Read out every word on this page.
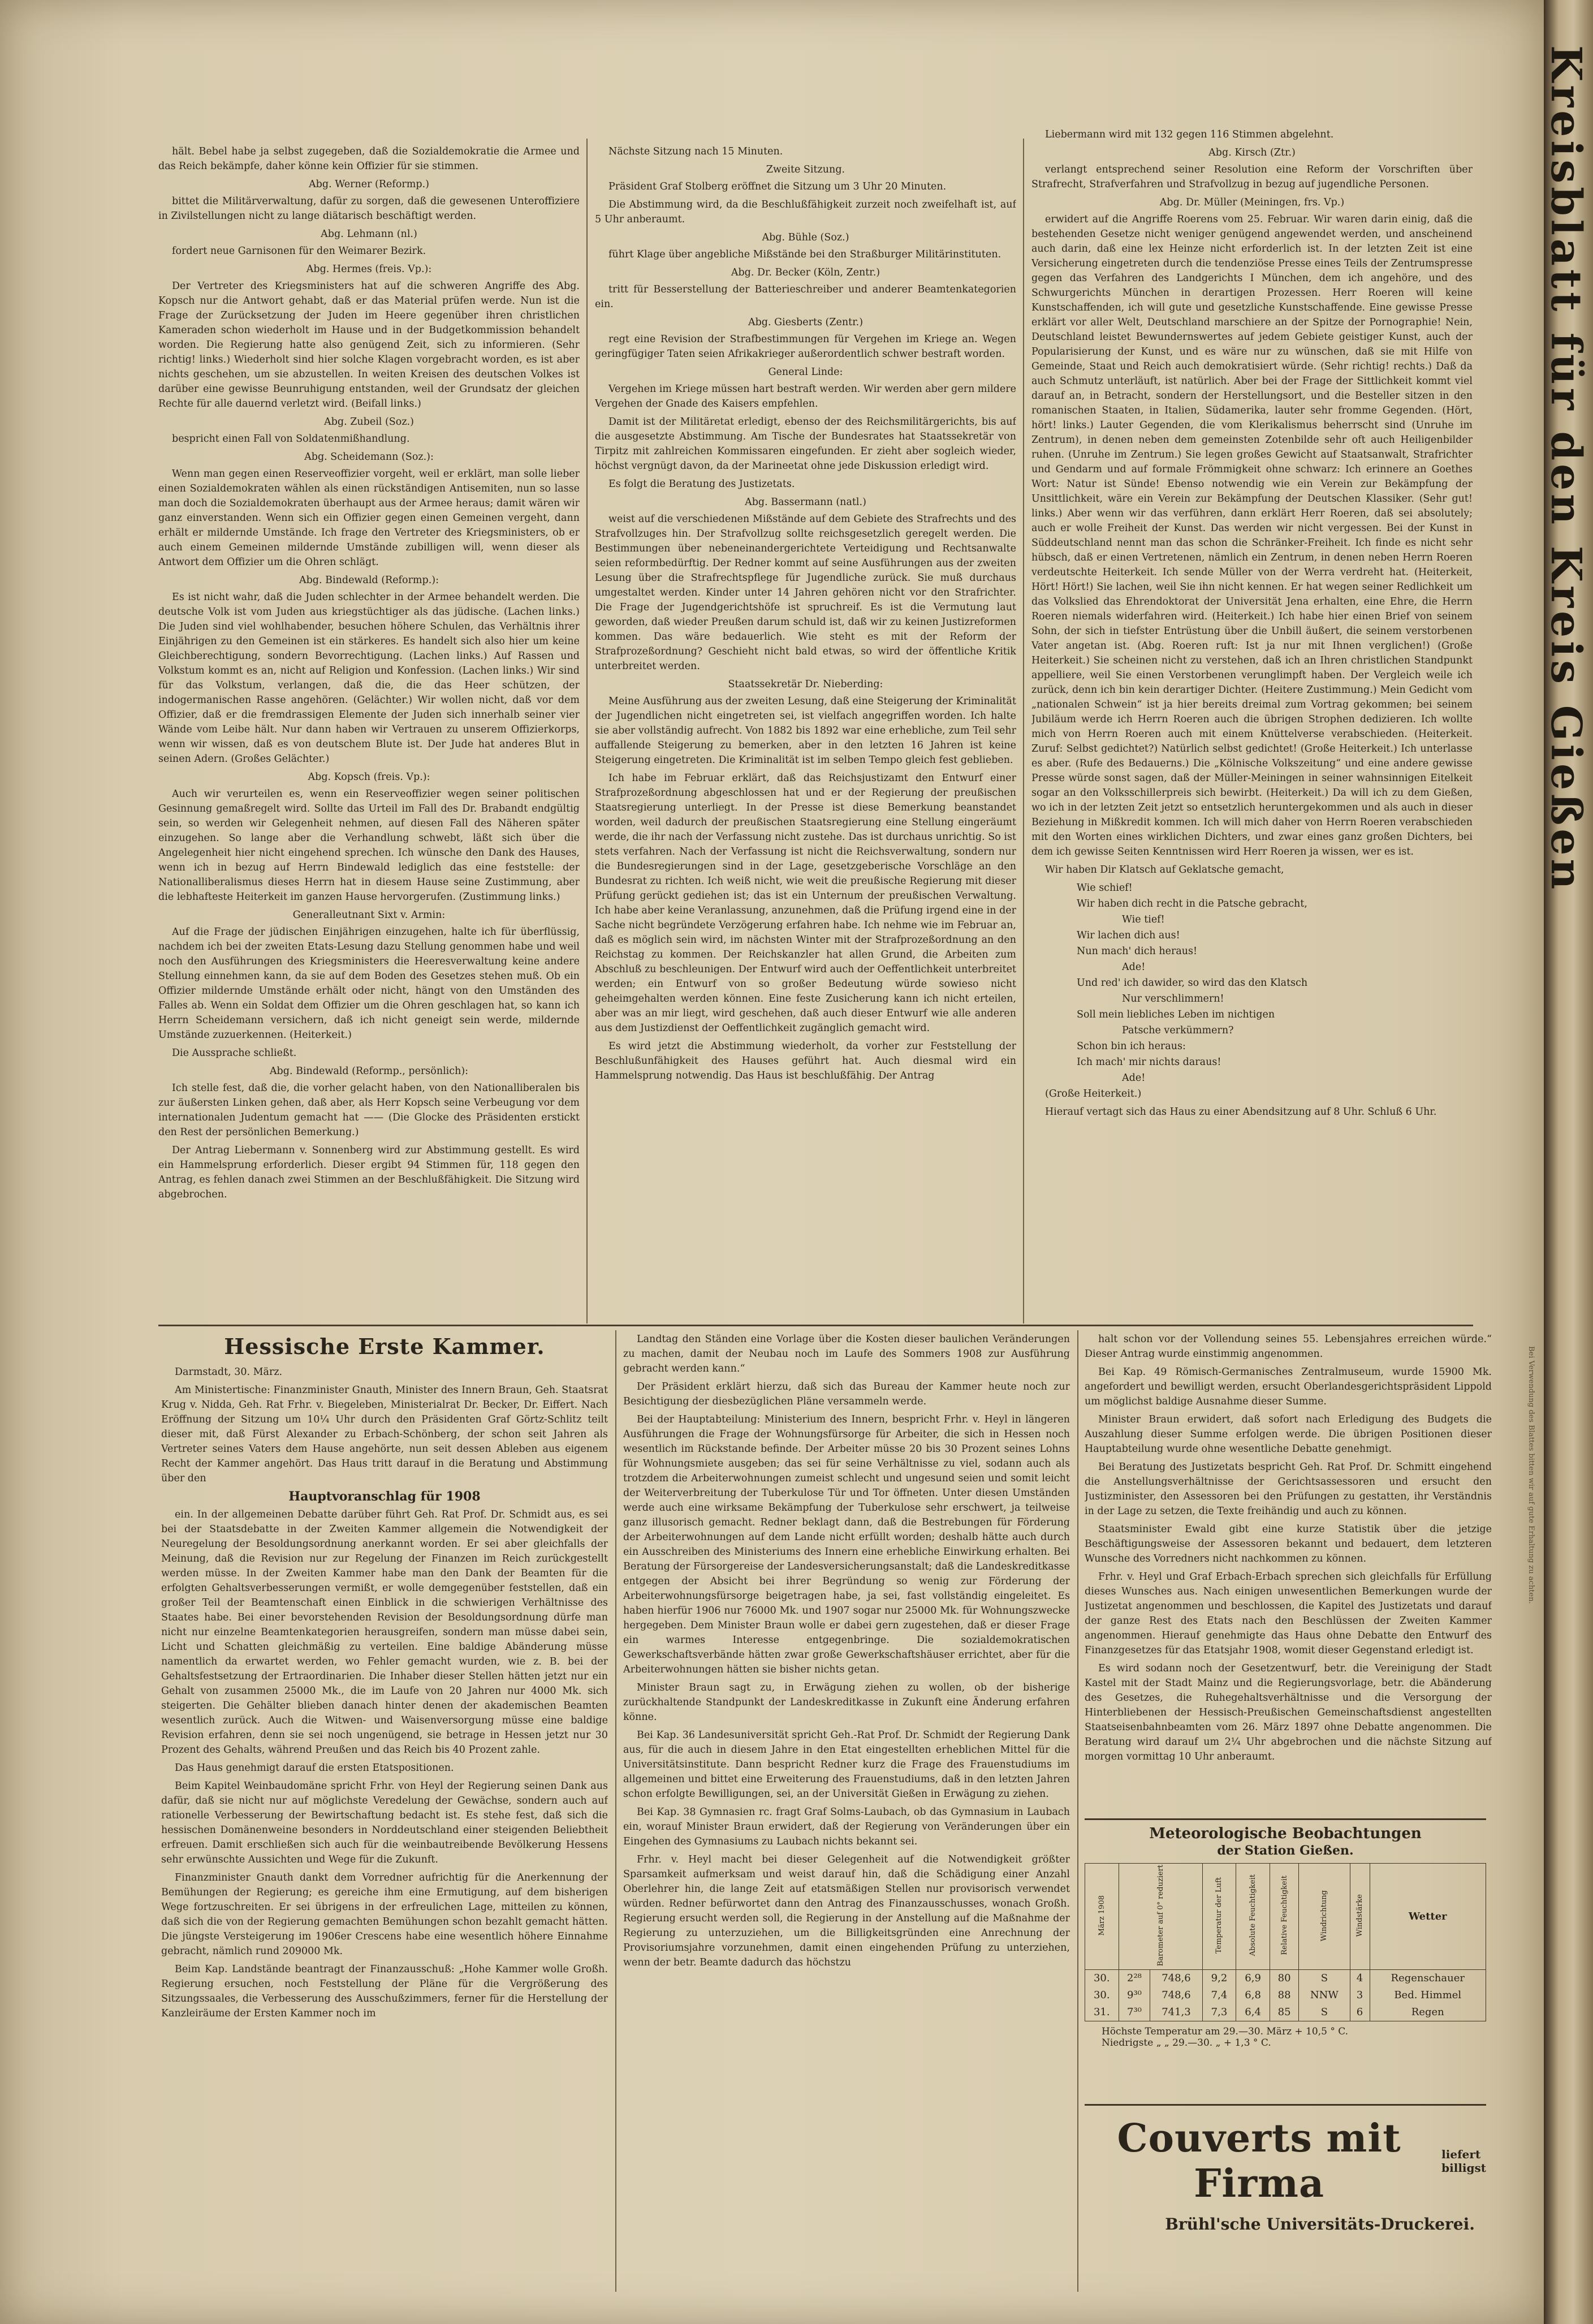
hält. Bebel habe ja selbst zugegeben, daß die Sozialdemokratie die Armee und das Reich bekämpfe, daher könne kein Offizier für sie stimmen.

Abg. Werner (Reformp.)

bittet die Militärverwaltung, dafür zu sorgen, daß die gewesenen Unteroffiziere in Zivilstellungen nicht zu lange diätarisch beschäftigt werden.

Abg. Lehmann (nl.)

fordert neue Garnisonen für den Weimarer Bezirk.

Abg. Hermes (freis. Vp.):

Der Vertreter des Kriegsministers hat auf die schweren Angriffe des Abg. Kopsch nur die Antwort gehabt, daß er das Material prüfen werde. Nun ist die Frage der Zurücksetzung der Juden im Heere gegenüber ihren christlichen Kameraden schon wiederholt im Hause und in der Budgetkommission behandelt worden. Die Regierung hatte also genügend Zeit, sich zu informieren. (Sehr richtig! links.) Wiederholt sind hier solche Klagen vorgebracht worden, es ist aber nichts geschehen, um sie abzustellen. In weiten Kreisen des deutschen Volkes ist darüber eine gewisse Beunruhigung entstanden, weil der Grundsatz der gleichen Rechte für alle dauernd verletzt wird. (Beifall links.)

Abg. Zubeil (Soz.)

bespricht einen Fall von Soldatenmißhandlung.

Abg. Scheidemann (Soz.):

Wenn man gegen einen Reserveoffizier vorgeht, weil er erklärt, man solle lieber einen Sozialdemokraten wählen als einen rückständigen Antisemiten, nun so lasse man doch die Sozialdemokraten überhaupt aus der Armee heraus; damit wären wir ganz einverstanden. Wenn sich ein Offizier gegen einen Gemeinen vergeht, dann erhält er mildernde Umstände. Ich frage den Vertreter des Kriegsministers, ob er auch einem Gemeinen mildernde Umstände zubilligen will, wenn dieser als Antwort dem Offizier um die Ohren schlägt.

Abg. Bindewald (Reformp.):

Es ist nicht wahr, daß die Juden schlechter in der Armee behandelt werden. Die deutsche Volk ist vom Juden aus kriegstüchtiger als das jüdische. (Lachen links.) Die Juden sind viel wohlhabender, besuchen höhere Schulen, das Verhältnis ihrer Einjährigen zu den Gemeinen ist ein stärkeres. Es handelt sich also hier um keine Gleichberechtigung, sondern Bevorrechtigung. (Lachen links.) Auf Rassen und Volkstum kommt es an, nicht auf Religion und Konfession. (Lachen links.) Wir sind für das Volkstum, verlangen, daß die, die das Heer schützen, der indogermanischen Rasse angehören. (Gelächter.) Wir wollen nicht, daß vor dem Offizier, daß er die fremdrassigen Elemente der Juden sich innerhalb seiner vier Wände vom Leibe hält. Nur dann haben wir Vertrauen zu unserem Offizierkorps, wenn wir wissen, daß es von deutschem Blute ist. Der Jude hat anderes Blut in seinen Adern. (Großes Gelächter.)

Abg. Kopsch (freis. Vp.):

Auch wir verurteilen es, wenn ein Reserveoffizier wegen seiner politischen Gesinnung gemaßregelt wird. Sollte das Urteil im Fall des Dr. Brabandt endgültig sein, so werden wir Gelegenheit nehmen, auf diesen Fall des Näheren später einzugehen. So lange aber die Verhandlung schwebt, läßt sich über die Angelegenheit hier nicht eingehend sprechen. Ich wünsche den Dank des Hauses, wenn ich in bezug auf Herrn Bindewald lediglich das eine feststelle: der Nationalliberalismus dieses Herrn hat in diesem Hause seine Zustimmung, aber die lebhafteste Heiterkeit im ganzen Hause hervorgerufen. (Zustimmung links.)

Generalleutnant Sixt v. Armin:

Auf die Frage der jüdischen Einjährigen einzugehen, halte ich für überflüssig, nachdem ich bei der zweiten Etats-Lesung dazu Stellung genommen habe und weil noch den Ausführungen des Kriegsministers die Heeresverwaltung keine andere Stellung einnehmen kann, da sie auf dem Boden des Gesetzes stehen muß. Ob ein Offizier mildernde Umstände erhält oder nicht, hängt von den Umständen des Falles ab. Wenn ein Soldat dem Offizier um die Ohren geschlagen hat, so kann ich Herrn Scheidemann versichern, daß ich nicht geneigt sein werde, mildernde Umstände zuzuerkennen. (Heiterkeit.)

Die Aussprache schließt.

Abg. Bindewald (Reformp., persönlich):

Ich stelle fest, daß die, die vorher gelacht haben, von den Nationalliberalen bis zur äußersten Linken gehen, daß aber, als Herr Kopsch seine Verbeugung vor dem internationalen Judentum gemacht hat —— (Die Glocke des Präsidenten erstickt den Rest der persönlichen Bemerkung.)

Der Antrag Liebermann v. Sonnenberg wird zur Abstimmung gestellt. Es wird ein Hammelsprung erforderlich. Dieser ergibt 94 Stimmen für, 118 gegen den Antrag, es fehlen danach zwei Stimmen an der Beschlußfähigkeit. Die Sitzung wird abgebrochen.

Nächste Sitzung nach 15 Minuten.

Zweite Sitzung.

Präsident Graf Stolberg eröffnet die Sitzung um 3 Uhr 20 Minuten.

Die Abstimmung wird, da die Beschlußfähigkeit zurzeit noch zweifelhaft ist, auf 5 Uhr anberaumt.

Abg. Bühle (Soz.)

führt Klage über angebliche Mißstände bei den Straßburger Militärinstituten.

Abg. Dr. Becker (Köln, Zentr.)

tritt für Besserstellung der Batterieschreiber und anderer Beamtenkategorien ein.

Abg. Giesberts (Zentr.)

regt eine Revision der Strafbestimmungen für Vergehen im Kriege an. Wegen geringfügiger Taten seien Afrikakrieger außerordentlich schwer bestraft worden.

General Linde:

Vergehen im Kriege müssen hart bestraft werden. Wir werden aber gern mildere Vergehen der Gnade des Kaisers empfehlen.

Damit ist der Militäretat erledigt, ebenso der des Reichsmilitärgerichts, bis auf die ausgesetzte Abstimmung. Am Tische der Bundesrates hat Staatssekretär von Tirpitz mit zahlreichen Kommissaren eingefunden. Er zieht aber sogleich wieder, höchst vergnügt davon, da der Marineetat ohne jede Diskussion erledigt wird.

Es folgt die Beratung des Justizetats.

Abg. Bassermann (natl.)

weist auf die verschiedenen Mißstände auf dem Gebiete des Strafrechts und des Strafvollzuges hin. Der Strafvollzug sollte reichsgesetzlich geregelt werden. Die Bestimmungen über nebeneinandergerichtete Verteidigung und Rechtsanwalte seien reformbedürftig. Der Redner kommt auf seine Ausführungen aus der zweiten Lesung über die Strafrechtspflege für Jugendliche zurück. Sie muß durchaus umgestaltet werden. Kinder unter 14 Jahren gehören nicht vor den Strafrichter. Die Frage der Jugendgerichtshöfe ist spruchreif. Es ist die Vermutung laut geworden, daß wieder Preußen darum schuld ist, daß wir zu keinen Justizreformen kommen. Das wäre bedauerlich. Wie steht es mit der Reform der Strafprozeßordnung? Geschieht nicht bald etwas, so wird der öffentliche Kritik unterbreitet werden.

Staatssekretär Dr. Nieberding:

Meine Ausführung aus der zweiten Lesung, daß eine Steigerung der Kriminalität der Jugendlichen nicht eingetreten sei, ist vielfach angegriffen worden. Ich halte sie aber vollständig aufrecht. Von 1882 bis 1892 war eine erhebliche, zum Teil sehr auffallende Steigerung zu bemerken, aber in den letzten 16 Jahren ist keine Steigerung eingetreten. Die Kriminalität ist im selben Tempo gleich fest geblieben.

Ich habe im Februar erklärt, daß das Reichsjustizamt den Entwurf einer Strafprozeßordnung abgeschlossen hat und er der Regierung der preußischen Staatsregierung unterliegt. In der Presse ist diese Bemerkung beanstandet worden, weil dadurch der preußischen Staatsregierung eine Stellung eingeräumt werde, die ihr nach der Verfassung nicht zustehe. Das ist durchaus unrichtig. So ist stets verfahren. Nach der Verfassung ist nicht die Reichsverwaltung, sondern nur die Bundesregierungen sind in der Lage, gesetzgeberische Vorschläge an den Bundesrat zu richten. Ich weiß nicht, wie weit die preußische Regierung mit dieser Prüfung gerückt gediehen ist; das ist ein Unternum der preußischen Verwaltung. Ich habe aber keine Veranlassung, anzunehmen, daß die Prüfung irgend eine in der Sache nicht begründete Verzögerung erfahren habe. Ich nehme wie im Februar an, daß es möglich sein wird, im nächsten Winter mit der Strafprozeßordnung an den Reichstag zu kommen. Der Reichskanzler hat allen Grund, die Arbeiten zum Abschluß zu beschleunigen. Der Entwurf wird auch der Oeffentlichkeit unterbreitet werden; ein Entwurf von so großer Bedeutung würde sowieso nicht geheimgehalten werden können. Eine feste Zusicherung kann ich nicht erteilen, aber was an mir liegt, wird geschehen, daß auch dieser Entwurf wie alle anderen aus dem Justizdienst der Oeffentlichkeit zugänglich gemacht wird.

Es wird jetzt die Abstimmung wiederholt, da vorher zur Feststellung der Beschlußunfähigkeit des Hauses geführt hat. Auch diesmal wird ein Hammelsprung notwendig. Das Haus ist beschlußfähig. Der Antrag

Liebermann wird mit 132 gegen 116 Stimmen abgelehnt.

Abg. Kirsch (Ztr.)

verlangt entsprechend seiner Resolution eine Reform der Vorschriften über Strafrecht, Strafverfahren und Strafvollzug in bezug auf jugendliche Personen.

Abg. Dr. Müller (Meiningen, frs. Vp.)

erwidert auf die Angriffe Roerens vom 25. Februar. Wir waren darin einig, daß die bestehenden Gesetze nicht weniger genügend angewendet werden, und anscheinend auch darin, daß eine lex Heinze nicht erforderlich ist. In der letzten Zeit ist eine Versicherung eingetreten durch die tendenziöse Presse eines Teils der Zentrumspresse gegen das Verfahren des Landgerichts I München, dem ich angehöre, und des Schwurgerichts München in derartigen Prozessen. Herr Roeren will keine Kunstschaffenden, ich will gute und gesetzliche Kunstschaffende. Eine gewisse Presse erklärt vor aller Welt, Deutschland marschiere an der Spitze der Pornographie! Nein, Deutschland leistet Bewundernswertes auf jedem Gebiete geistiger Kunst, auch der Popularisierung der Kunst, und es wäre nur zu wünschen, daß sie mit Hilfe von Gemeinde, Staat und Reich auch demokratisiert würde. (Sehr richtig! rechts.) Daß da auch Schmutz unterläuft, ist natürlich. Aber bei der Frage der Sittlichkeit kommt viel darauf an, in Betracht, sondern der Herstellungsort, und die Besteller sitzen in den romanischen Staaten, in Italien, Südamerika, lauter sehr fromme Gegenden. (Hört, hört! links.) Lauter Gegenden, die vom Klerikalismus beherrscht sind (Unruhe im Zentrum), in denen neben dem gemeinsten Zotenbilde sehr oft auch Heiligenbilder ruhen. (Unruhe im Zentrum.) Sie legen großes Gewicht auf Staatsanwalt, Strafrichter und Gendarm und auf formale Frömmigkeit ohne schwarz: Ich erinnere an Goethes Wort: Natur ist Sünde! Ebenso notwendig wie ein Verein zur Bekämpfung der Unsittlichkeit, wäre ein Verein zur Bekämpfung der Deutschen Klassiker. (Sehr gut! links.) Aber wenn wir das verführen, dann erklärt Herr Roeren, daß sei absolutely; auch er wolle Freiheit der Kunst. Das werden wir nicht vergessen. Bei der Kunst in Süddeutschland nennt man das schon die Schränker-Freiheit. Ich finde es nicht sehr hübsch, daß er einen Vertretenen, nämlich ein Zentrum, in denen neben Herrn Roeren verdeutschte Heiterkeit. Ich sende Müller von der Werra verdreht hat. (Heiterkeit, Hört! Hört!) Sie lachen, weil Sie ihn nicht kennen. Er hat wegen seiner Redlichkeit um das Volkslied das Ehrendoktorat der Universität Jena erhalten, eine Ehre, die Herrn Roeren niemals widerfahren wird. (Heiterkeit.) Ich habe hier einen Brief von seinem Sohn, der sich in tiefster Entrüstung über die Unbill äußert, die seinem verstorbenen Vater angetan ist. (Abg. Roeren ruft: Ist ja nur mit Ihnen verglichen!) (Große Heiterkeit.) Sie scheinen nicht zu verstehen, daß ich an Ihren christlichen Standpunkt appelliere, weil Sie einen Verstorbenen verunglimpft haben. Der Vergleich weile ich zurück, denn ich bin kein derartiger Dichter. (Heitere Zustimmung.) Mein Gedicht vom „nationalen Schwein“ ist ja hier bereits dreimal zum Vortrag gekommen; bei seinem Jubiläum werde ich Herrn Roeren auch die übrigen Strophen dedizieren. Ich wollte mich von Herrn Roeren auch mit einem Knüttelverse verabschieden. (Heiterkeit. Zuruf: Selbst gedichtet?) Natürlich selbst gedichtet! (Große Heiterkeit.) Ich unterlasse es aber. (Rufe des Bedauerns.) Die „Kölnische Volkszeitung“ und eine andere gewisse Presse würde sonst sagen, daß der Müller-Meiningen in seiner wahnsinnigen Eitelkeit sogar an den Volksschillerpreis sich bewirbt. (Heiterkeit.) Da will ich zu dem Gießen, wo ich in der letzten Zeit jetzt so entsetzlich heruntergekommen und als auch in dieser Beziehung in Mißkredit kommen. Ich will mich daher von Herrn Roeren verabschieden mit den Worten eines wirklichen Dichters, und zwar eines ganz großen Dichters, bei dem ich gewisse Seiten Kenntnissen wird Herr Roeren ja wissen, wer es ist.

Wir haben Dir Klatsch auf Geklatsche gemacht,

Wie schief!

Wir haben dich recht in die Patsche gebracht,

Wie tief!

Wir lachen dich aus!

Nun mach' dich heraus!

Ade!

Und red' ich dawider, so wird das den Klatsch

Nur verschlimmern!

Soll mein liebliches Leben im nichtigen

Patsche verkümmern?

Schon bin ich heraus:

Ich mach' mir nichts daraus!

Ade!

(Große Heiterkeit.)

Hierauf vertagt sich das Haus zu einer Abendsitzung auf 8 Uhr. Schluß 6 Uhr.

Hessische Erste Kammer.

Darmstadt, 30. März.

Am Ministertische: Finanzminister Gnauth, Minister des Innern Braun, Geh. Staatsrat Krug v. Nidda, Geh. Rat Frhr. v. Biegeleben, Ministerialrat Dr. Becker, Dr. Eiffert. Nach Eröffnung der Sitzung um 10¼ Uhr durch den Präsidenten Graf Görtz-Schlitz teilt dieser mit, daß Fürst Alexander zu Erbach-Schönberg, der schon seit Jahren als Vertreter seines Vaters dem Hause angehörte, nun seit dessen Ableben aus eigenem Recht der Kammer angehört. Das Haus tritt darauf in die Beratung und Abstimmung über den

Hauptvoranschlag für 1908

ein. In der allgemeinen Debatte darüber führt Geh. Rat Prof. Dr. Schmidt aus, es sei bei der Staatsdebatte in der Zweiten Kammer allgemein die Notwendigkeit der Neuregelung der Besoldungsordnung anerkannt worden. Er sei aber gleichfalls der Meinung, daß die Revision nur zur Regelung der Finanzen im Reich zurückgestellt werden müsse. In der Zweiten Kammer habe man den Dank der Beamten für die erfolgten Gehaltsverbesserungen vermißt, er wolle demgegenüber feststellen, daß ein großer Teil der Beamtenschaft einen Einblick in die schwierigen Verhältnisse des Staates habe. Bei einer bevorstehenden Revision der Besoldungsordnung dürfe man nicht nur einzelne Beamtenkategorien herausgreifen, sondern man müsse dabei sein, Licht und Schatten gleichmäßig zu verteilen. Eine baldige Abänderung müsse namentlich da erwartet werden, wo Fehler gemacht wurden, wie z. B. bei der Gehaltsfestsetzung der Ertraordinarien. Die Inhaber dieser Stellen hätten jetzt nur ein Gehalt von zusammen 25000 Mk., die im Laufe von 20 Jahren nur 4000 Mk. sich steigerten. Die Gehälter blieben danach hinter denen der akademischen Beamten wesentlich zurück. Auch die Witwen- und Waisenversorgung müsse eine baldige Revision erfahren, denn sie sei noch ungenügend, sie betrage in Hessen jetzt nur 30 Prozent des Gehalts, während Preußen und das Reich bis 40 Prozent zahle.

Das Haus genehmigt darauf die ersten Etatspositionen.

Beim Kapitel Weinbaudomäne spricht Frhr. von Heyl der Regierung seinen Dank aus dafür, daß sie nicht nur auf möglichste Veredelung der Gewächse, sondern auch auf rationelle Verbesserung der Bewirtschaftung bedacht ist. Es stehe fest, daß sich die hessischen Domänenweine besonders in Norddeutschland einer steigenden Beliebtheit erfreuen. Damit erschließen sich auch für die weinbautreibende Bevölkerung Hessens sehr erwünschte Aussichten und Wege für die Zukunft.

Finanzminister Gnauth dankt dem Vorredner aufrichtig für die Anerkennung der Bemühungen der Regierung; es gereiche ihm eine Ermutigung, auf dem bisherigen Wege fortzuschreiten. Er sei übrigens in der erfreulichen Lage, mitteilen zu können, daß sich die von der Regierung gemachten Bemühungen schon bezahlt gemacht hätten. Die jüngste Versteigerung im 1906er Crescens habe eine wesentlich höhere Einnahme gebracht, nämlich rund 209000 Mk.

Beim Kap. Landstände beantragt der Finanzausschuß: „Hohe Kammer wolle Großh. Regierung ersuchen, noch Feststellung der Pläne für die Vergrößerung des Sitzungssaales, die Verbesserung des Ausschußzimmers, ferner für die Herstellung der Kanzleiräume der Ersten Kammer noch im

Landtag den Ständen eine Vorlage über die Kosten dieser baulichen Veränderungen zu machen, damit der Neubau noch im Laufe des Sommers 1908 zur Ausführung gebracht werden kann.“

Der Präsident erklärt hierzu, daß sich das Bureau der Kammer heute noch zur Besichtigung der diesbezüglichen Pläne versammeln werde.

Bei der Hauptabteilung: Ministerium des Innern, bespricht Frhr. v. Heyl in längeren Ausführungen die Frage der Wohnungsfürsorge für Arbeiter, die sich in Hessen noch wesentlich im Rückstande befinde. Der Arbeiter müsse 20 bis 30 Prozent seines Lohns für Wohnungsmiete ausgeben; das sei für seine Verhältnisse zu viel, sodann auch als trotzdem die Arbeiterwohnungen zumeist schlecht und ungesund seien und somit leicht der Weiterverbreitung der Tuberkulose Tür und Tor öffneten. Unter diesen Umständen werde auch eine wirksame Bekämpfung der Tuberkulose sehr erschwert, ja teilweise ganz illusorisch gemacht. Redner beklagt dann, daß die Bestrebungen für Förderung der Arbeiterwohnungen auf dem Lande nicht erfüllt worden; deshalb hätte auch durch ein Ausschreiben des Ministeriums des Innern eine erhebliche Einwirkung erhalten. Bei Beratung der Fürsorgereise der Landesversicherungsanstalt; daß die Landeskreditkasse entgegen der Absicht bei ihrer Begründung so wenig zur Förderung der Arbeiterwohnungsfürsorge beigetragen habe, ja sei, fast vollständig eingeleitet. Es haben hierfür 1906 nur 76000 Mk. und 1907 sogar nur 25000 Mk. für Wohnungszwecke hergegeben. Dem Minister Braun wolle er dabei gern zugestehen, daß er dieser Frage ein warmes Interesse entgegenbringe. Die sozialdemokratischen Gewerkschaftsverbände hätten zwar große Gewerkschaftshäuser errichtet, aber für die Arbeiterwohnungen hätten sie bisher nichts getan.

Minister Braun sagt zu, in Erwägung ziehen zu wollen, ob der bisherige zurückhaltende Standpunkt der Landeskreditkasse in Zukunft eine Änderung erfahren könne.

Bei Kap. 36 Landesuniversität spricht Geh.-Rat Prof. Dr. Schmidt der Regierung Dank aus, für die auch in diesem Jahre in den Etat eingestellten erheblichen Mittel für die Universitätsinstitute. Dann bespricht Redner kurz die Frage des Frauenstudiums im allgemeinen und bittet eine Erweiterung des Frauenstudiums, daß in den letzten Jahren schon erfolgte Bewilligungen, sei, an der Universität Gießen in Erwägung zu ziehen.

Bei Kap. 38 Gymnasien rc. fragt Graf Solms-Laubach, ob das Gymnasium in Laubach ein, worauf Minister Braun erwidert, daß der Regierung von Veränderungen über ein Eingehen des Gymnasiums zu Laubach nichts bekannt sei.

Frhr. v. Heyl macht bei dieser Gelegenheit auf die Notwendigkeit größter Sparsamkeit aufmerksam und weist darauf hin, daß die Schädigung einer Anzahl Oberlehrer hin, die lange Zeit auf etatsmäßigen Stellen nur provisorisch verwendet würden. Redner befürwortet dann den Antrag des Finanzausschusses, wonach Großh. Regierung ersucht werden soll, die Regierung in der Anstellung auf die Maßnahme der Regierung zu unterzuziehen, um die Billigkeitsgründen eine Anrechnung der Provisoriumsjahre vorzunehmen, damit einen eingehenden Prüfung zu unterziehen, wenn der betr. Beamte dadurch das höchstzu

halt schon vor der Vollendung seines 55. Lebensjahres erreichen würde.“ Dieser Antrag wurde einstimmig angenommen.

Bei Kap. 49 Römisch-Germanisches Zentralmuseum, wurde 15900 Mk. angefordert und bewilligt werden, ersucht Oberlandesgerichtspräsident Lippold um möglichst baldige Ausnahme dieser Summe.

Minister Braun erwidert, daß sofort nach Erledigung des Budgets die Auszahlung dieser Summe erfolgen werde. Die übrigen Positionen dieser Hauptabteilung wurde ohne wesentliche Debatte genehmigt.

Bei Beratung des Justizetats bespricht Geh. Rat Prof. Dr. Schmitt eingehend die Anstellungsverhältnisse der Gerichtsassessoren und ersucht den Justizminister, den Assessoren bei den Prüfungen zu gestatten, ihr Verständnis in der Lage zu setzen, die Texte freihändig und auch zu können.

Staatsminister Ewald gibt eine kurze Statistik über die jetzige Beschäftigungsweise der Assessoren bekannt und bedauert, dem letzteren Wunsche des Vorredners nicht nachkommen zu können.

Frhr. v. Heyl und Graf Erbach-Erbach sprechen sich gleichfalls für Erfüllung dieses Wunsches aus. Nach einigen unwesentlichen Bemerkungen wurde der Justizetat angenommen und beschlossen, die Kapitel des Justizetats und darauf der ganze Rest des Etats nach den Beschlüssen der Zweiten Kammer angenommen. Hierauf genehmigte das Haus ohne Debatte den Entwurf des Finanzgesetzes für das Etatsjahr 1908, womit dieser Gegenstand erledigt ist.

Es wird sodann noch der Gesetzentwurf, betr. die Vereinigung der Stadt Kastel mit der Stadt Mainz und die Regierungsvorlage, betr. die Abänderung des Gesetzes, die Ruhegehaltsverhältnisse und die Versorgung der Hinterbliebenen der Hessisch-Preußischen Gemeinschaftsdienst angestellten Staatseisenbahnbeamten vom 26. März 1897 ohne Debatte angenommen. Die Beratung wird darauf um 2¼ Uhr abgebrochen und die nächste Sitzung auf morgen vormittag 10 Uhr anberaumt.

Meteorologische Beobachtungen
der Station Gießen.
März 1908	Barometer auf 0° reduziert		Temperatur der Luft	Absolute Feuchtigkeit	Relative Feuchtigkeit	Windrichtung	Windstärke	Wetter
30.	2²⁸	748,6	9,2	6,9	80	S	4	Regenschauer
30.	9³⁰	748,6	7,4	6,8	88	NNW	3	Bed. Himmel
31.	7³⁰	741,3	7,3	6,4	85	S	6	Regen
Höchste Temperatur am 29.—30. März + 10,5 ° C.
Niedrigste „ „ 29.—30. „ + 1,3 ° C.
Couverts mit Firma
liefert billigst
Brühl'sche Universitäts-Druckerei.
Bei Verwendung des Blattes bitten wir auf gute Erhaltung zu achten.
Kreisblatt für den Kreis Gießen
